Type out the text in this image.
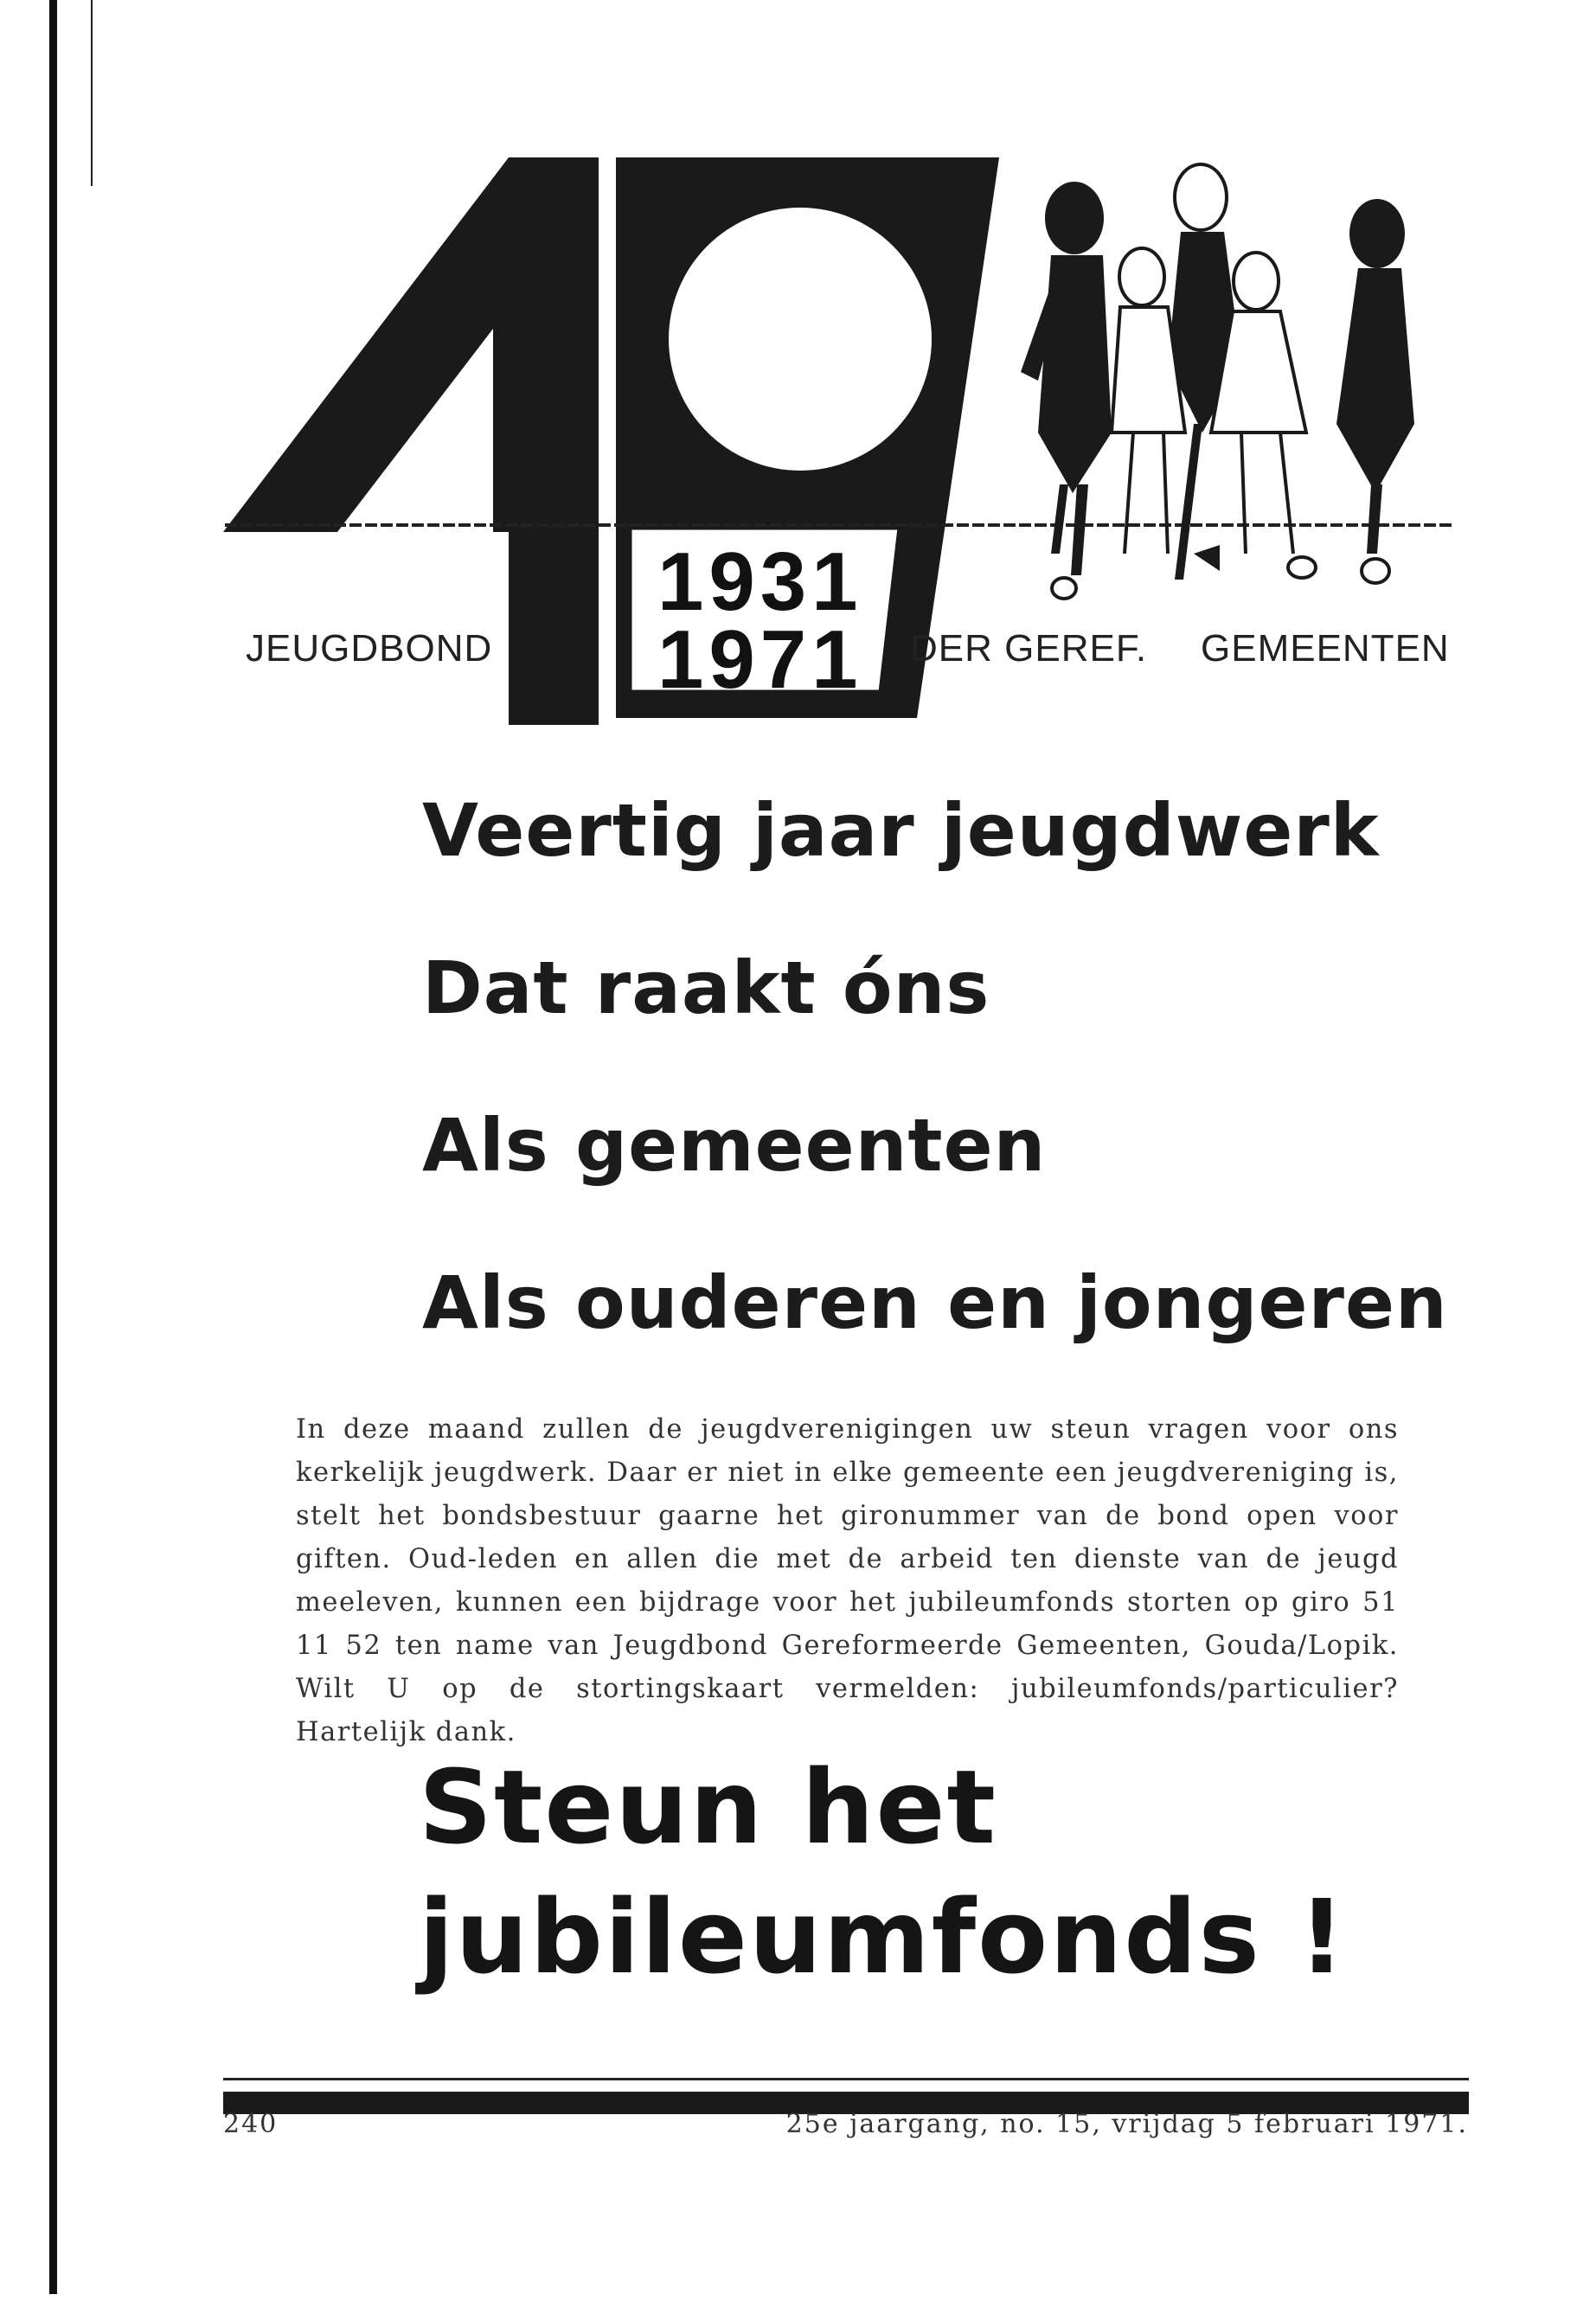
1931
1971
JEUGDBOND	DER GEREF. GEMEENTEN
Veertig jaar jeugdwerk
Dat raakt óns
Als gemeenten
Als ouderen en jongeren

In deze maand zullen de jeugdverenigingen uw steun vragen voor ons kerkelijk jeugdwerk. Daar er niet in elke gemeente een jeugdvereniging is, stelt het bondsbestuur gaarne het gironummer van de bond open voor giften. Oud-leden en allen die met de arbeid ten dienste van de jeugd meeleven, kunnen een bijdrage voor het jubileumfonds storten op giro 51 11 52 ten name van Jeugdbond Gereformeerde Gemeenten, Gouda/Lopik. Wilt U op de stortingskaart vermelden: jubileumfonds/particulier? Hartelijk dank.

Steun het
jubileumfonds !
240	25e jaargang, no. 15, vrijdag 5 februari 1971.
